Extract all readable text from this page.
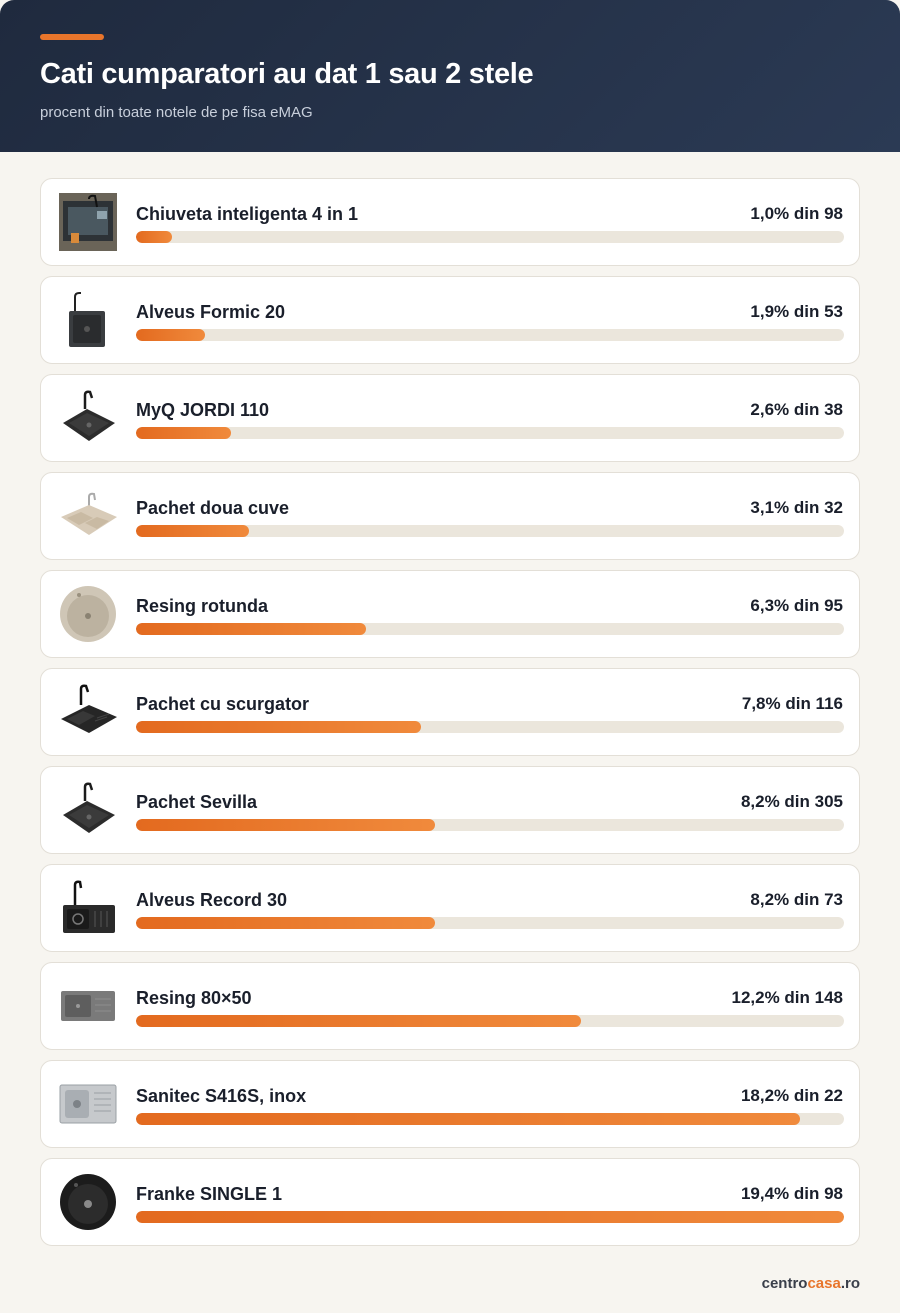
Cati cumparatori au dat 1 sau 2 stele
procent din toate notele de pe fisa eMAG
Chiuveta inteligenta 4 in 1	1,0% din 98
Alveus Formic 20	1,9% din 53
MyQ JORDI 110	2,6% din 38
Pachet doua cuve	3,1% din 32
Resing rotunda	6,3% din 95
Pachet cu scurgator	7,8% din 116
Pachet Sevilla	8,2% din 305
Alveus Record 30	8,2% din 73
Resing 80×50	12,2% din 148
Sanitec S416S, inox	18,2% din 22
Franke SINGLE 1	19,4% din 98
centrocasa.ro
